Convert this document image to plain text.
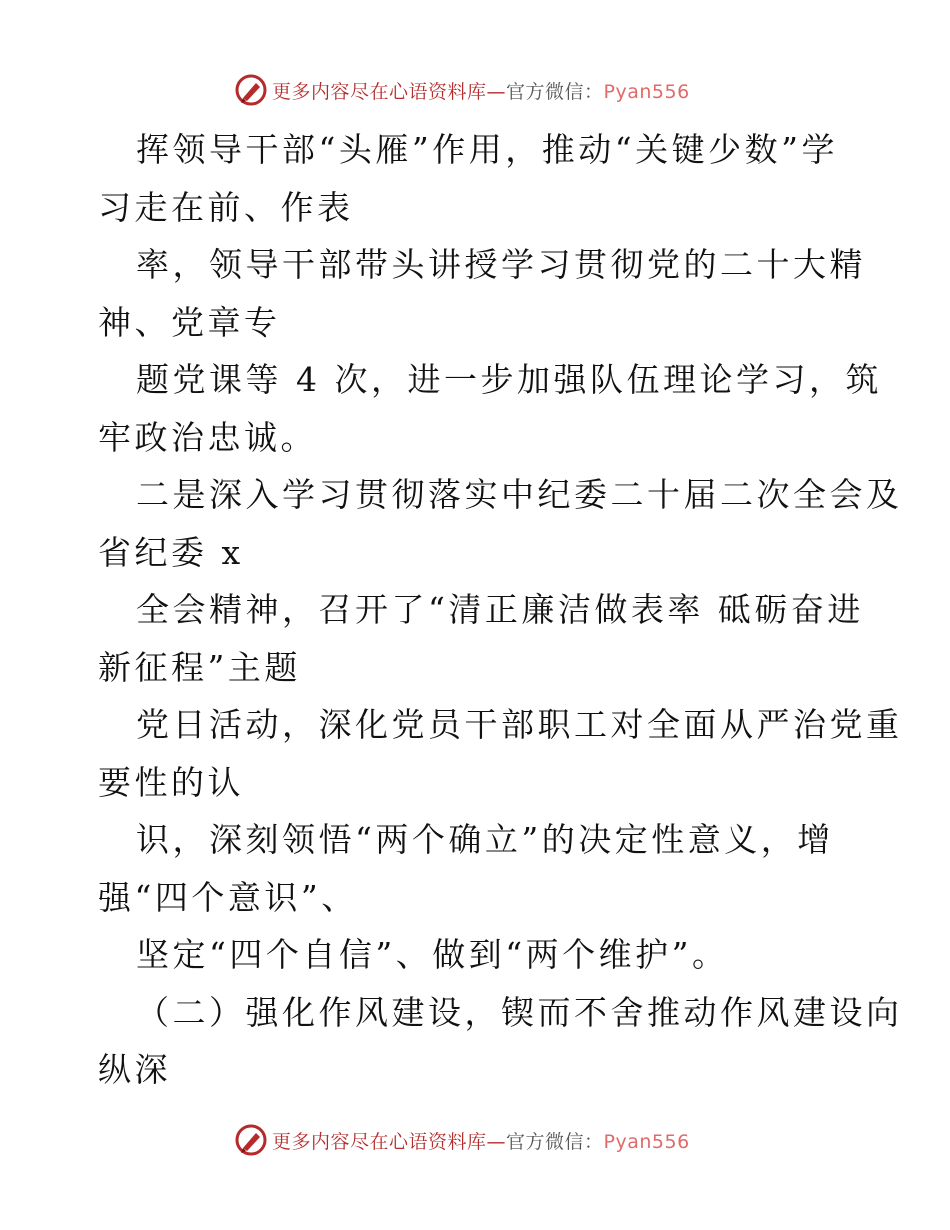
更多内容尽在心语资料库—官方微信：Pyan556
挥领导干部“头雁”作用，推动“关键少数”学
习走在前、作表
率，领导干部带头讲授学习贯彻党的二十大精
神、党章专
题党课等 4 次，进一步加强队伍理论学习，筑
牢政治忠诚。
二是深入学习贯彻落实中纪委二十届二次全会及
省纪委 x
全会精神，召开了“清正廉洁做表率 砥砺奋进
新征程”主题
党日活动，深化党员干部职工对全面从严治党重
要性的认
识，深刻领悟“两个确立”的决定性意义，增
强“四个意识”、
坚定“四个自信”、做到“两个维护”。
（二）强化作风建设，锲而不舍推动作风建设向
纵深
更多内容尽在心语资料库—官方微信：Pyan556
